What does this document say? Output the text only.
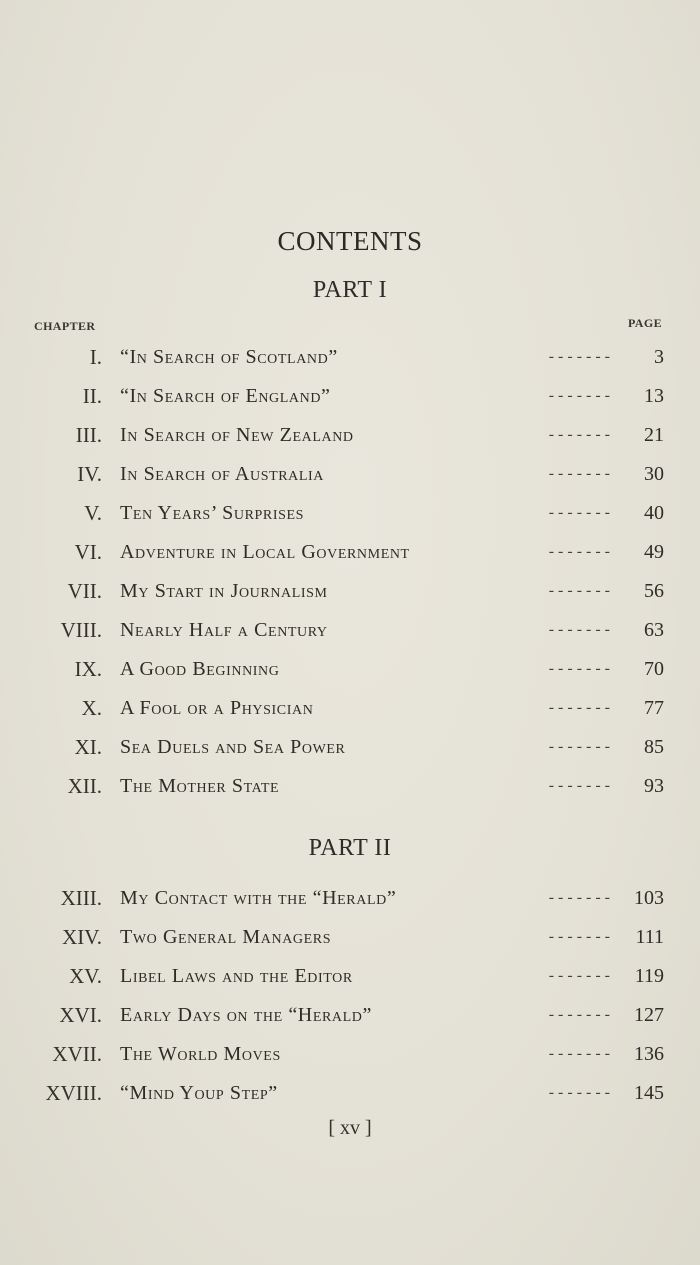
CONTENTS
PART I
CHAPTER	PAGE
I. “In Search of Scotland”	- - - - - - - 3
II. “In Search of England”	- - - - - - - 13
III. In Search of New Zealand	- - - - - - - 21
IV. In Search of Australia	- - - - - - - 30
V. Ten Years’ Surprises	- - - - - - - 40
VI. Adventure in Local Government	- - - - - - - 49
VII. My Start in Journalism	- - - - - - - 56
VIII. Nearly Half a Century	- - - - - - - 63
IX. A Good Beginning	- - - - - - - 70
X. A Fool or a Physician	- - - - - - - 77
XI. Sea Duels and Sea Power	- - - - - - - 85
XII. The Mother State	- - - - - - - 93
PART II
XIII. My Contact with the “Herald”	- - - - - - - 103
XIV. Two General Managers	- - - - - - - 111
XV. Libel Laws and the Editor	- - - - - - - 119
XVI. Early Days on the “Herald”	- - - - - - - 127
XVII. The World Moves	- - - - - - - 136
XVIII. “Mind Youp Step”	- - - - - - - 145
[ xv ]
